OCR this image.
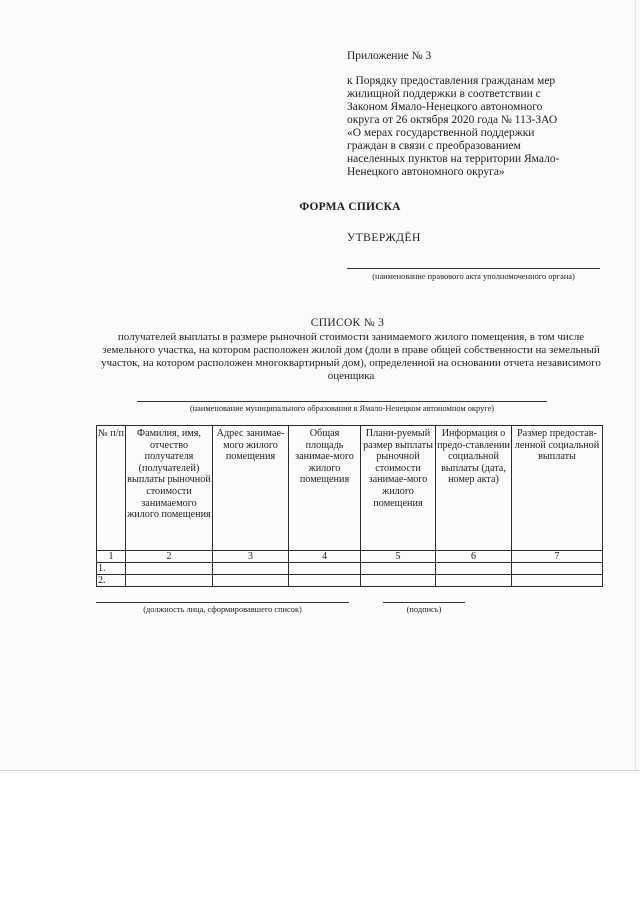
Приложение № 3
к Порядку предоставления гражданам мер
жилищной поддержки в соответствии с
Законом Ямало-Ненецкого автономного
округа от 26 октября 2020 года № 113-ЗАО
«О мерах государственной поддержки
граждан в связи с преобразованием
населенных пунктов на территории Ямало-
Ненецкого автономного округа»
ФОРМА СПИСКА
УТВЕРЖДЁН
(наименование правового акта уполномоченного органа)
СПИСОК № 3
получателей выплаты в размере рыночной стоимости занимаемого жилого помещения, в том числе земельного участка, на котором расположен жилой дом (доли в праве общей собственности на земельный участок, на котором расположен многоквартирный дом), определенной на основании отчета независимого оценщика
(наименование муниципального образования в Ямало-Ненецком автономном округе)
№ п/п	Фамилия, имя, отчество получателя (получателей) выплаты рыночной стоимости занимаемого жилого помещения	Адрес занимае-мого жилого помещения	Общая площадь занимае-мого жилого помещения	Плани-руемый размер выплаты рыночной стоимости занимае-мого жилого помещения	Информация о предо-ставлении социальной выплаты (дата, номер акта)	Размер предостав-ленной социальной выплаты
1	2	3	4	5	6	7
1.						
2.						
(должность лица, сформировавшего список)	(подпись)
